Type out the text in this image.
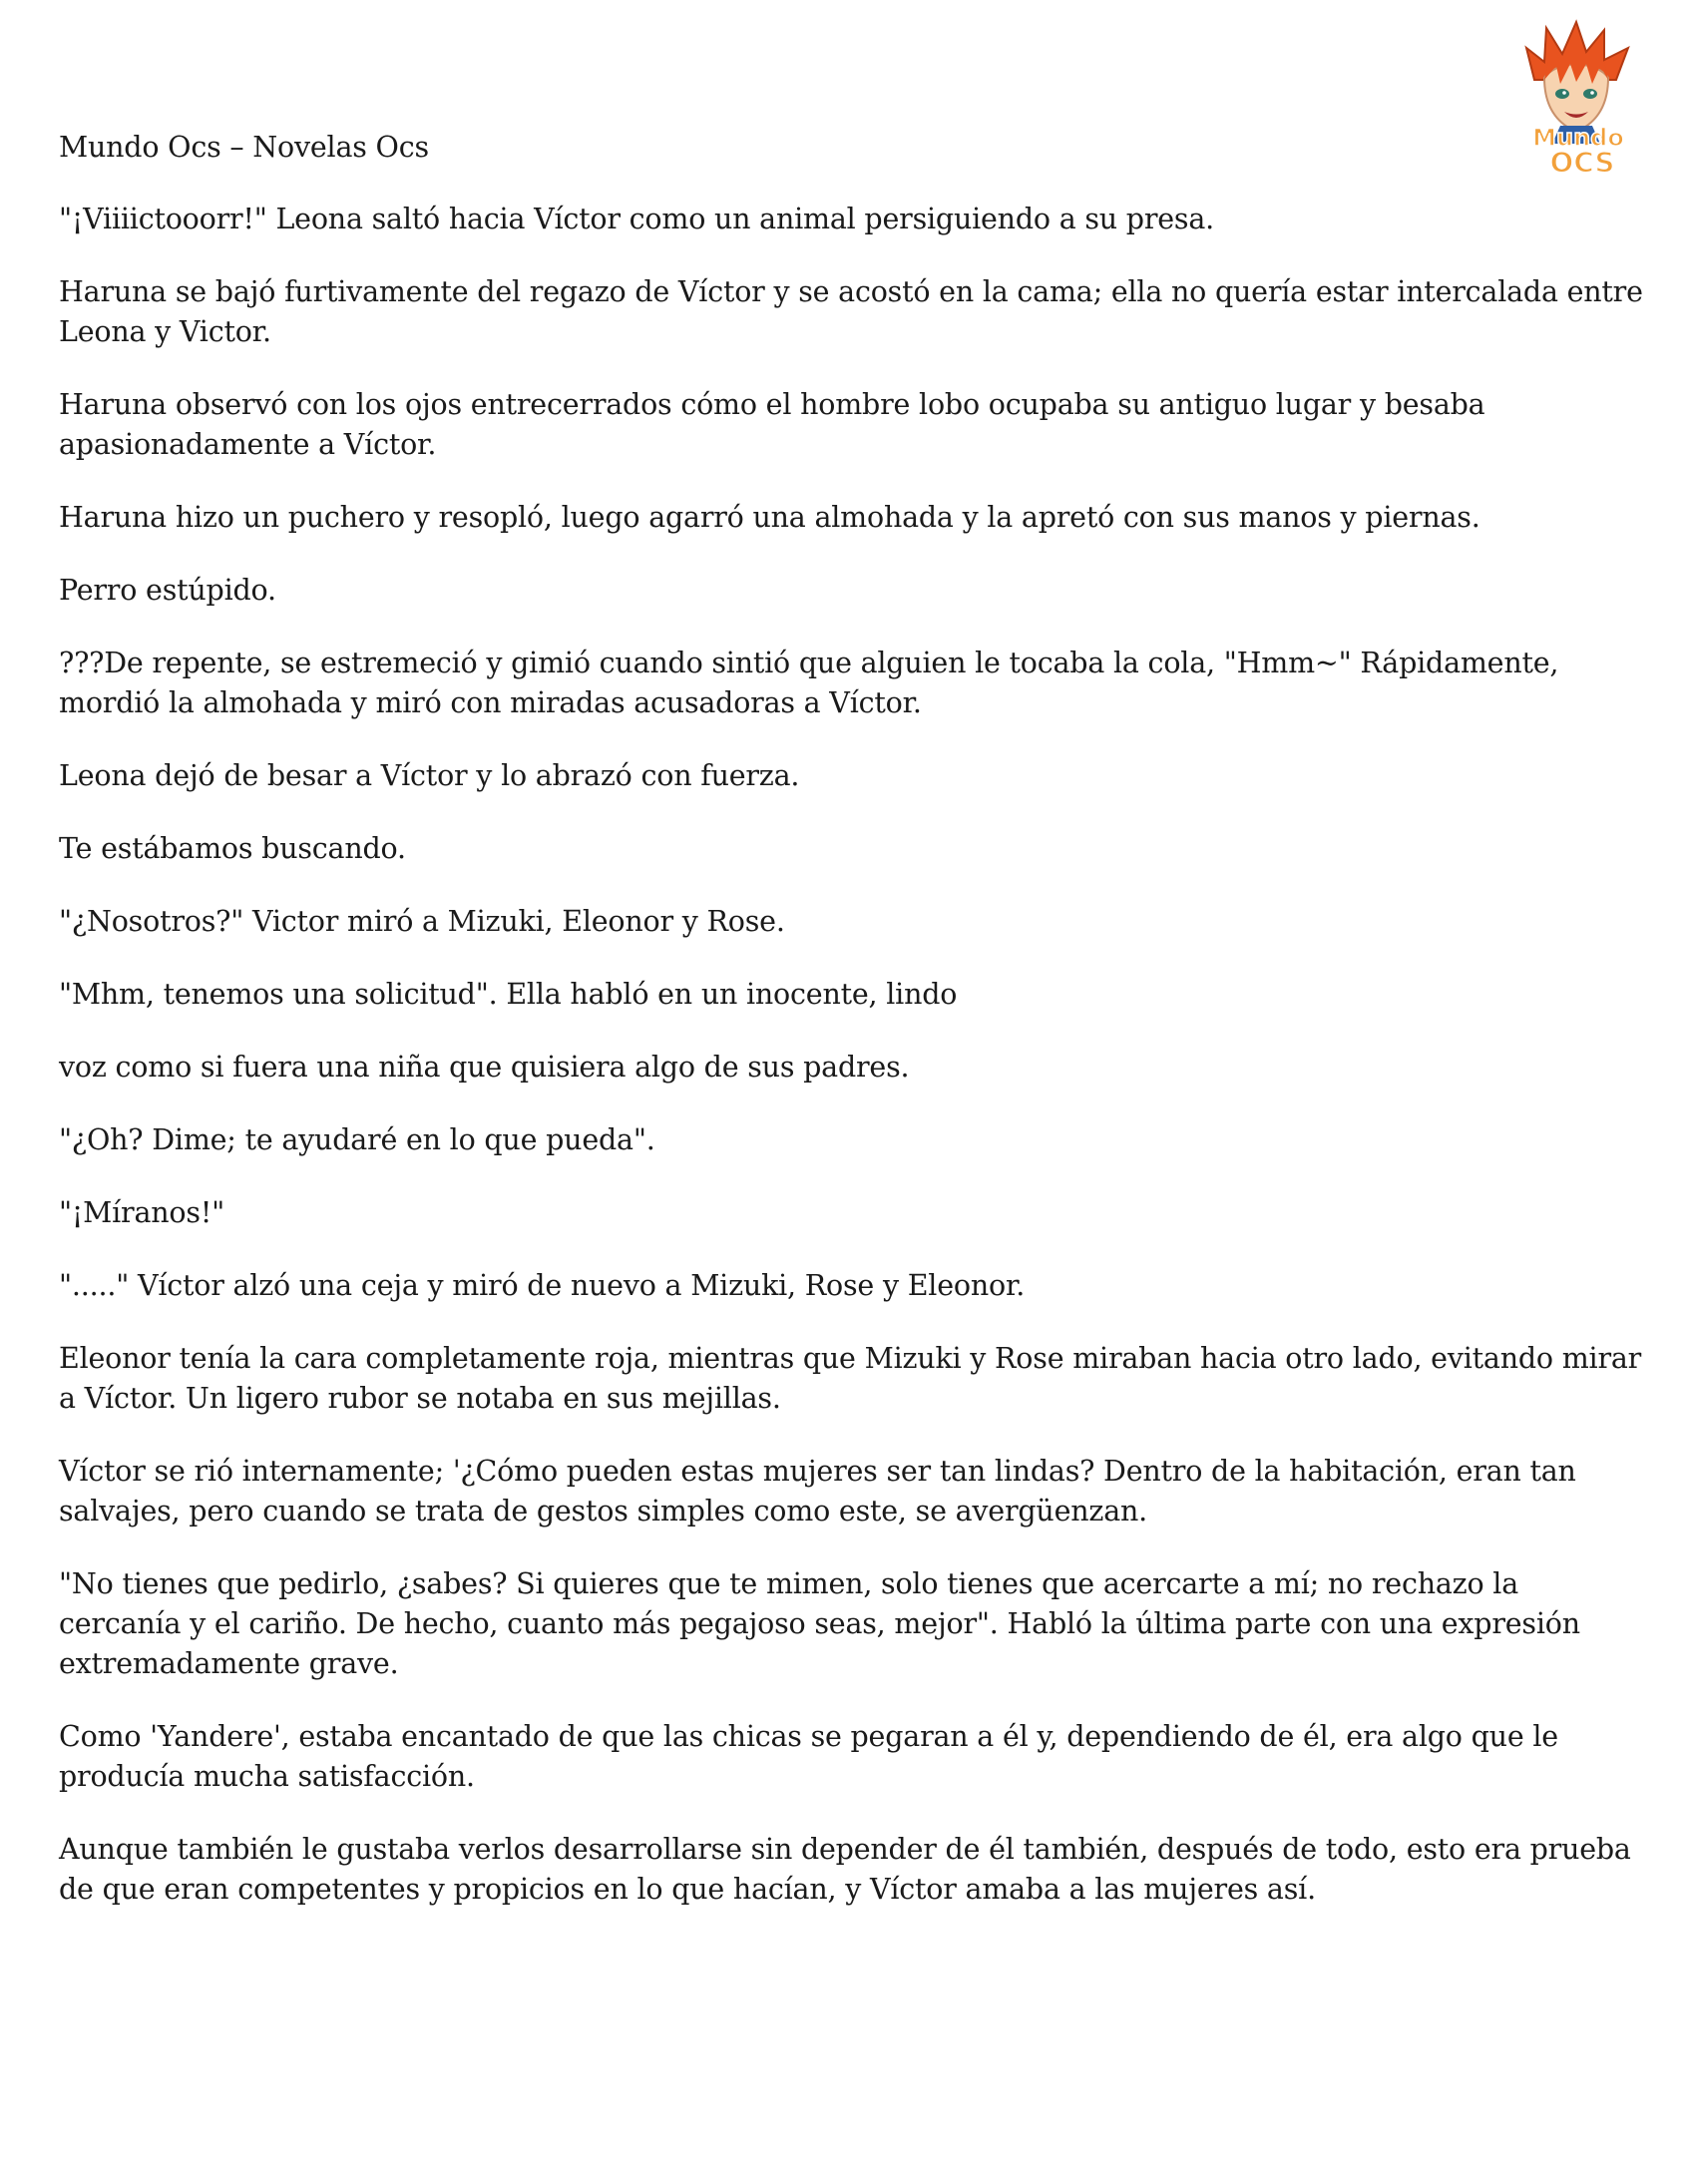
Mundo
OCS

Mundo Ocs – Novelas Ocs

"¡Viiiictooorr!" Leona saltó hacia Víctor como un animal persiguiendo a su presa.

Haruna se bajó furtivamente del regazo de Víctor y se acostó en la cama; ella no quería estar intercalada entre Leona y Victor.

Haruna observó con los ojos entrecerrados cómo el hombre lobo ocupaba su antiguo lugar y besaba apasionadamente a Víctor.

Haruna hizo un puchero y resopló, luego agarró una almohada y la apretó con sus manos y piernas.

Perro estúpido.

???De repente, se estremeció y gimió cuando sintió que alguien le tocaba la cola, "Hmm~" Rápidamente, mordió la almohada y miró con miradas acusadoras a Víctor.

Leona dejó de besar a Víctor y lo abrazó con fuerza.

Te estábamos buscando.

"¿Nosotros?" Victor miró a Mizuki, Eleonor y Rose.

"Mhm, tenemos una solicitud". Ella habló en un inocente, lindo

voz como si fuera una niña que quisiera algo de sus padres.

"¿Oh? Dime; te ayudaré en lo que pueda".

"¡Míranos!"

"....." Víctor alzó una ceja y miró de nuevo a Mizuki, Rose y Eleonor.

Eleonor tenía la cara completamente roja, mientras que Mizuki y Rose miraban hacia otro lado, evitando mirar a Víctor. Un ligero rubor se notaba en sus mejillas.

Víctor se rió internamente; '¿Cómo pueden estas mujeres ser tan lindas? Dentro de la habitación, eran tan salvajes, pero cuando se trata de gestos simples como este, se avergüenzan.

"No tienes que pedirlo, ¿sabes? Si quieres que te mimen, solo tienes que acercarte a mí; no rechazo la cercanía y el cariño. De hecho, cuanto más pegajoso seas, mejor". Habló la última parte con una expresión extremadamente grave.

Como 'Yandere', estaba encantado de que las chicas se pegaran a él y, dependiendo de él, era algo que le producía mucha satisfacción.

Aunque también le gustaba verlos desarrollarse sin depender de él también, después de todo, esto era prueba de que eran competentes y propicios en lo que hacían, y Víctor amaba a las mujeres así.
